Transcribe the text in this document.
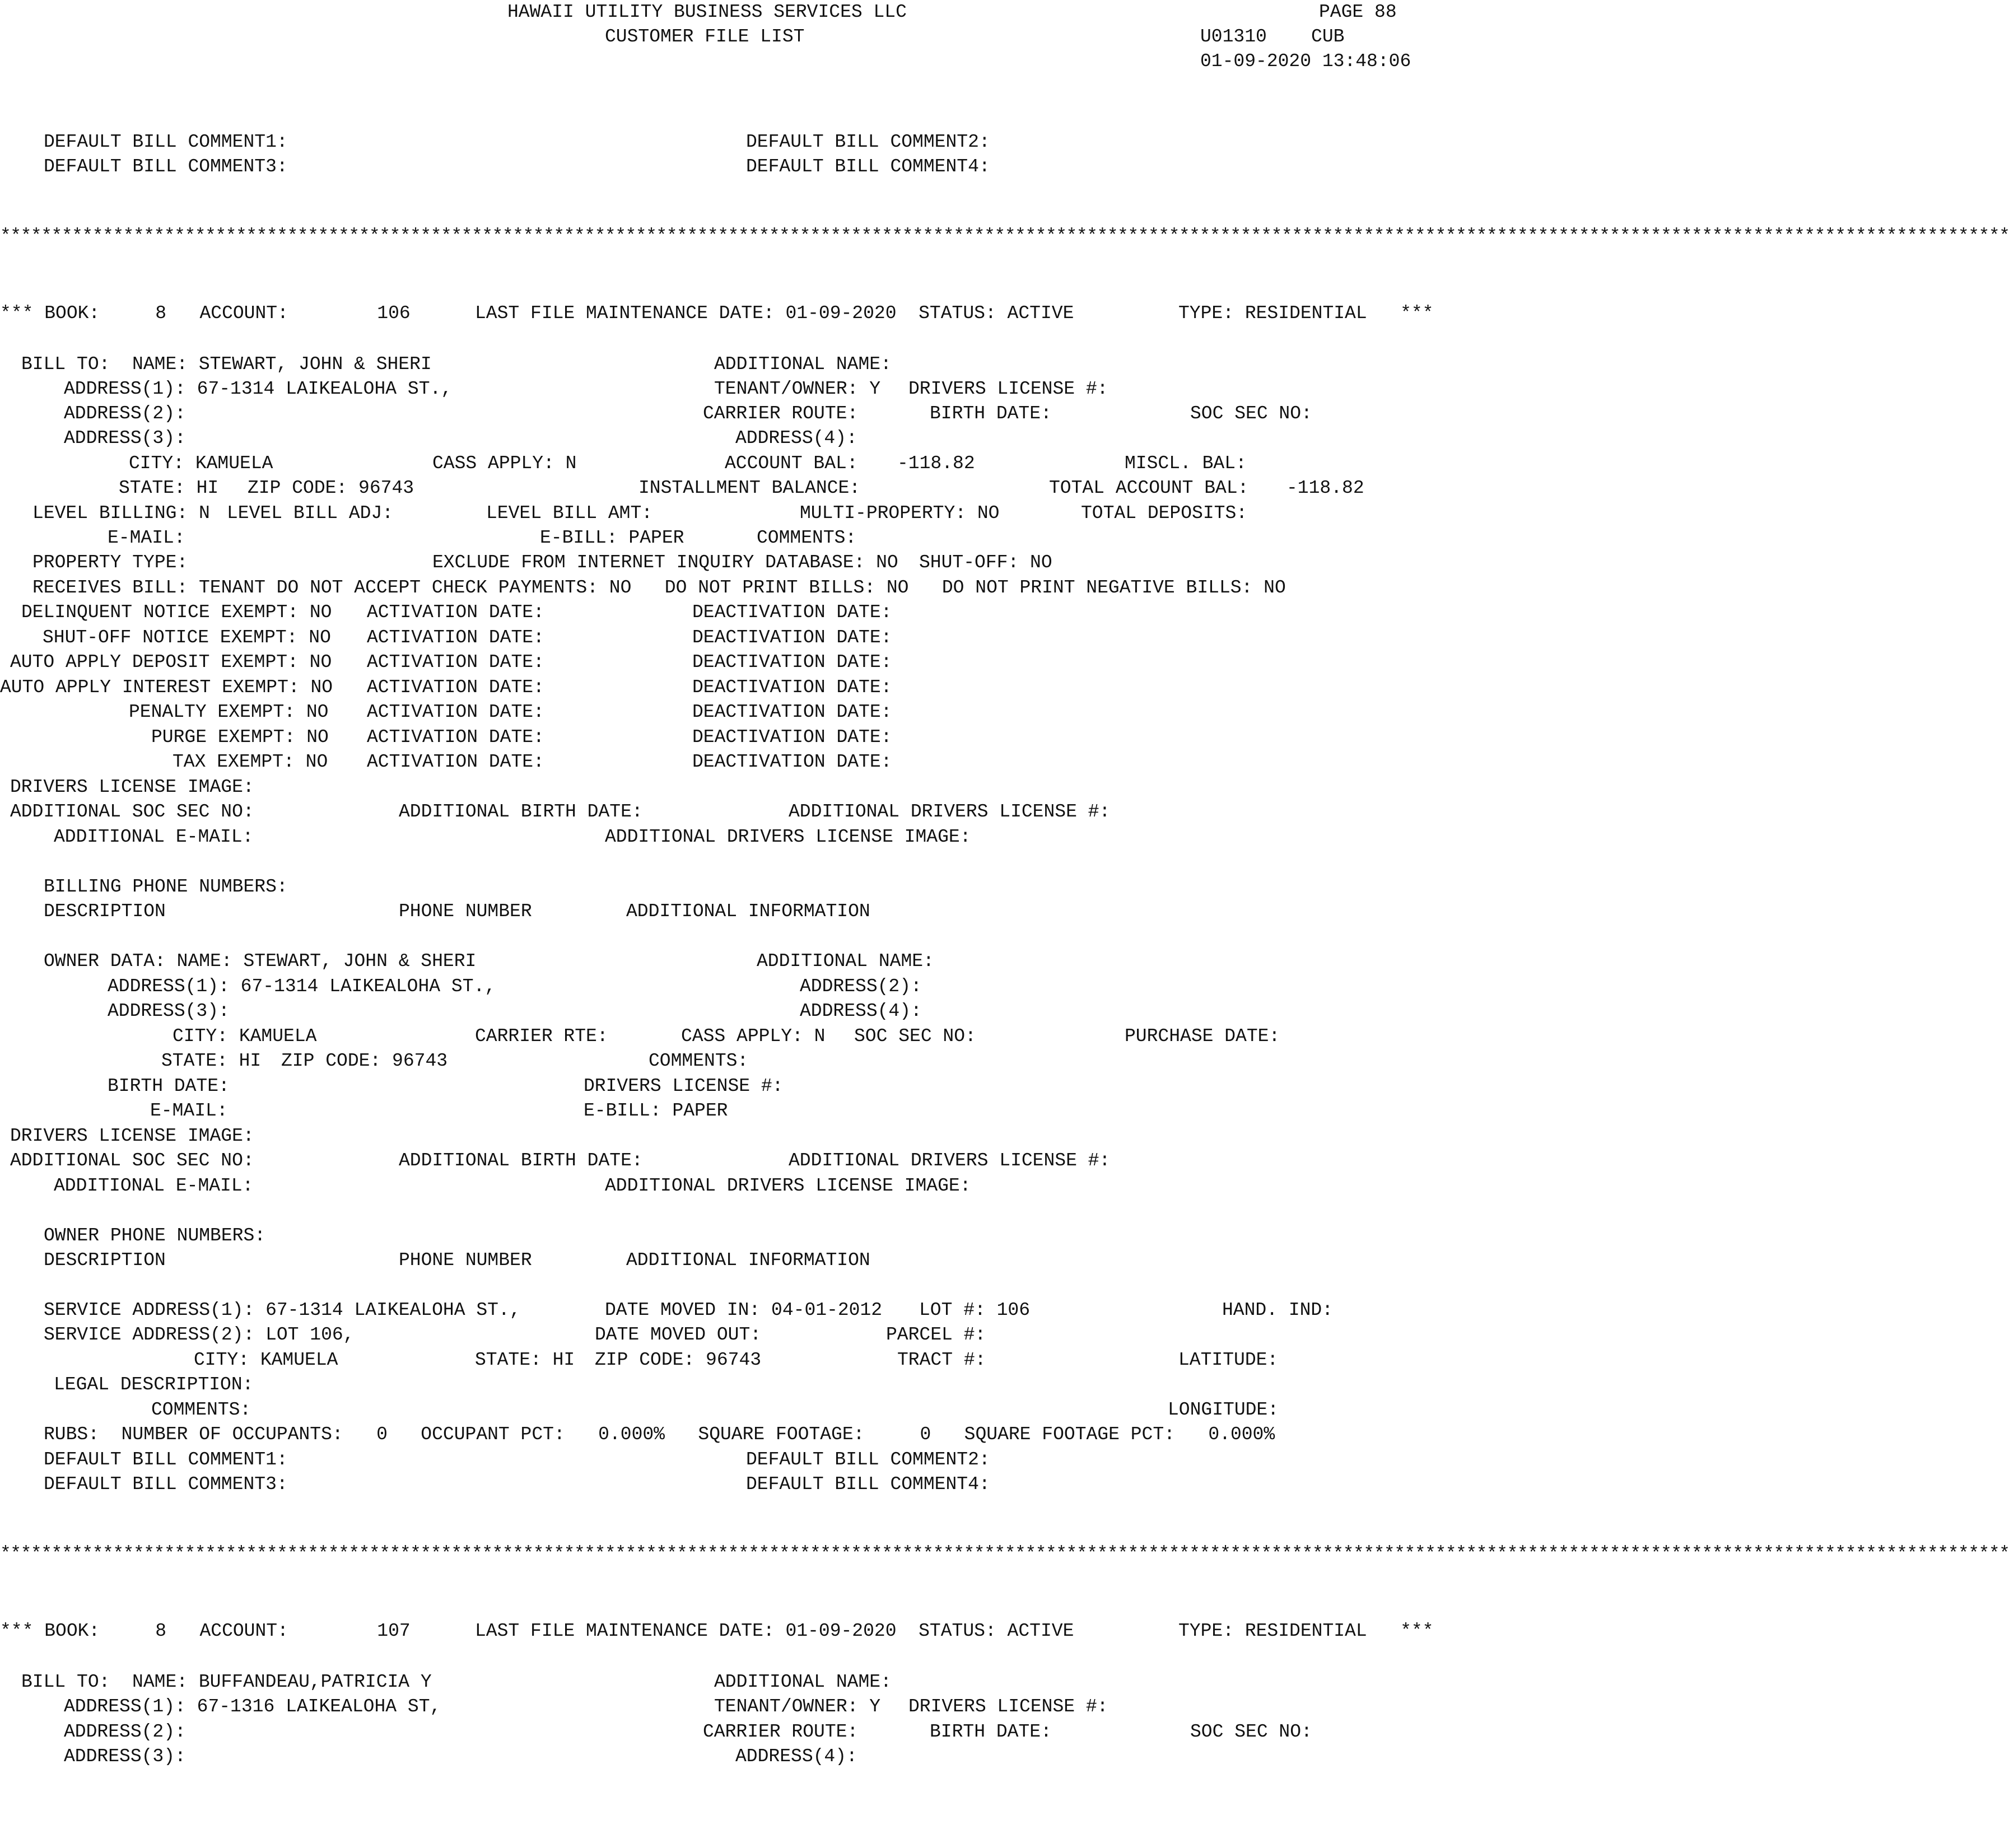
HAWAII UTILITY BUSINESS SERVICES LLC
CUSTOMER FILE LIST
PAGE 88
U01310    CUB
01-09-2020 13:48:06
DEFAULT BILL COMMENT1:	DEFAULT BILL COMMENT2:
DEFAULT BILL COMMENT3:	DEFAULT BILL COMMENT4:
****************************************************************************************************************************************************************************************************
*** BOOK:     8   ACCOUNT:        106	LAST FILE MAINTENANCE DATE: 01-09-2020  STATUS: ACTIVE	TYPE: RESIDENTIAL   ***
BILL TO:  NAME: STEWART, JOHN & SHERI	ADDITIONAL NAME:
ADDRESS(1): 67-1314 LAIKEALOHA ST.,	TENANT/OWNER: Y DRIVERS LICENSE #:
ADDRESS(2):	CARRIER ROUTE:	BIRTH DATE:	SOC SEC NO:
ADDRESS(3):	ADDRESS(4):
CITY: KAMUELA	CASS APPLY: N	ACCOUNT BAL: -118.82	MISCL. BAL:
STATE: HI ZIP CODE: 96743	INSTALLMENT BALANCE:	TOTAL ACCOUNT BAL: -118.82
LEVEL BILLING: N LEVEL BILL ADJ:	LEVEL BILL AMT:	MULTI-PROPERTY: NO	TOTAL DEPOSITS:
E-MAIL:	E-BILL: PAPER	COMMENTS:
PROPERTY TYPE:	EXCLUDE FROM INTERNET INQUIRY DATABASE: NO SHUT-OFF: NO
RECEIVES BILL: TENANT DO NOT ACCEPT CHECK PAYMENTS: NO   DO NOT PRINT BILLS: NO   DO NOT PRINT NEGATIVE BILLS: NO
DELINQUENT NOTICE EXEMPT: NO ACTIVATION DATE:	DEACTIVATION DATE:
SHUT-OFF NOTICE EXEMPT: NO ACTIVATION DATE:	DEACTIVATION DATE:
AUTO APPLY DEPOSIT EXEMPT: NO ACTIVATION DATE:	DEACTIVATION DATE:
AUTO APPLY INTEREST EXEMPT: NO ACTIVATION DATE:	DEACTIVATION DATE:
PENALTY EXEMPT: NO ACTIVATION DATE:	DEACTIVATION DATE:
PURGE EXEMPT: NO ACTIVATION DATE:	DEACTIVATION DATE:
TAX EXEMPT: NO ACTIVATION DATE:	DEACTIVATION DATE:
DRIVERS LICENSE IMAGE:
ADDITIONAL SOC SEC NO:	ADDITIONAL BIRTH DATE:	ADDITIONAL DRIVERS LICENSE #:
ADDITIONAL E-MAIL:	ADDITIONAL DRIVERS LICENSE IMAGE:
BILLING PHONE NUMBERS:
DESCRIPTION	PHONE NUMBER	ADDITIONAL INFORMATION
OWNER DATA: NAME: STEWART, JOHN & SHERI	ADDITIONAL NAME:
ADDRESS(1): 67-1314 LAIKEALOHA ST.,	ADDRESS(2):
ADDRESS(3):	ADDRESS(4):
CITY: KAMUELA	CARRIER RTE:	CASS APPLY: N SOC SEC NO:	PURCHASE DATE:
STATE: HI ZIP CODE: 96743	COMMENTS:
BIRTH DATE:	DRIVERS LICENSE #:
E-MAIL:	E-BILL: PAPER
DRIVERS LICENSE IMAGE:
ADDITIONAL SOC SEC NO:	ADDITIONAL BIRTH DATE:	ADDITIONAL DRIVERS LICENSE #:
ADDITIONAL E-MAIL:	ADDITIONAL DRIVERS LICENSE IMAGE:
OWNER PHONE NUMBERS:
DESCRIPTION	PHONE NUMBER	ADDITIONAL INFORMATION
SERVICE ADDRESS(1): 67-1314 LAIKEALOHA ST.,	DATE MOVED IN: 04-01-2012 LOT #: 106	HAND. IND:
SERVICE ADDRESS(2): LOT 106,	DATE MOVED OUT:	PARCEL #:
CITY: KAMUELA	STATE: HI ZIP CODE: 96743	TRACT #:	LATITUDE:
LEGAL DESCRIPTION:
COMMENTS:	LONGITUDE:
RUBS:  NUMBER OF OCCUPANTS:   0   OCCUPANT PCT:   0.000%   SQUARE FOOTAGE:     0   SQUARE FOOTAGE PCT:   0.000%
DEFAULT BILL COMMENT1:	DEFAULT BILL COMMENT2:
DEFAULT BILL COMMENT3:	DEFAULT BILL COMMENT4:
****************************************************************************************************************************************************************************************************
*** BOOK:     8   ACCOUNT:        107	LAST FILE MAINTENANCE DATE: 01-09-2020  STATUS: ACTIVE	TYPE: RESIDENTIAL   ***
BILL TO:  NAME: BUFFANDEAU,PATRICIA Y	ADDITIONAL NAME:
ADDRESS(1): 67-1316 LAIKEALOHA ST,	TENANT/OWNER: Y DRIVERS LICENSE #:
ADDRESS(2):	CARRIER ROUTE:	BIRTH DATE:	SOC SEC NO:
ADDRESS(3):	ADDRESS(4):
